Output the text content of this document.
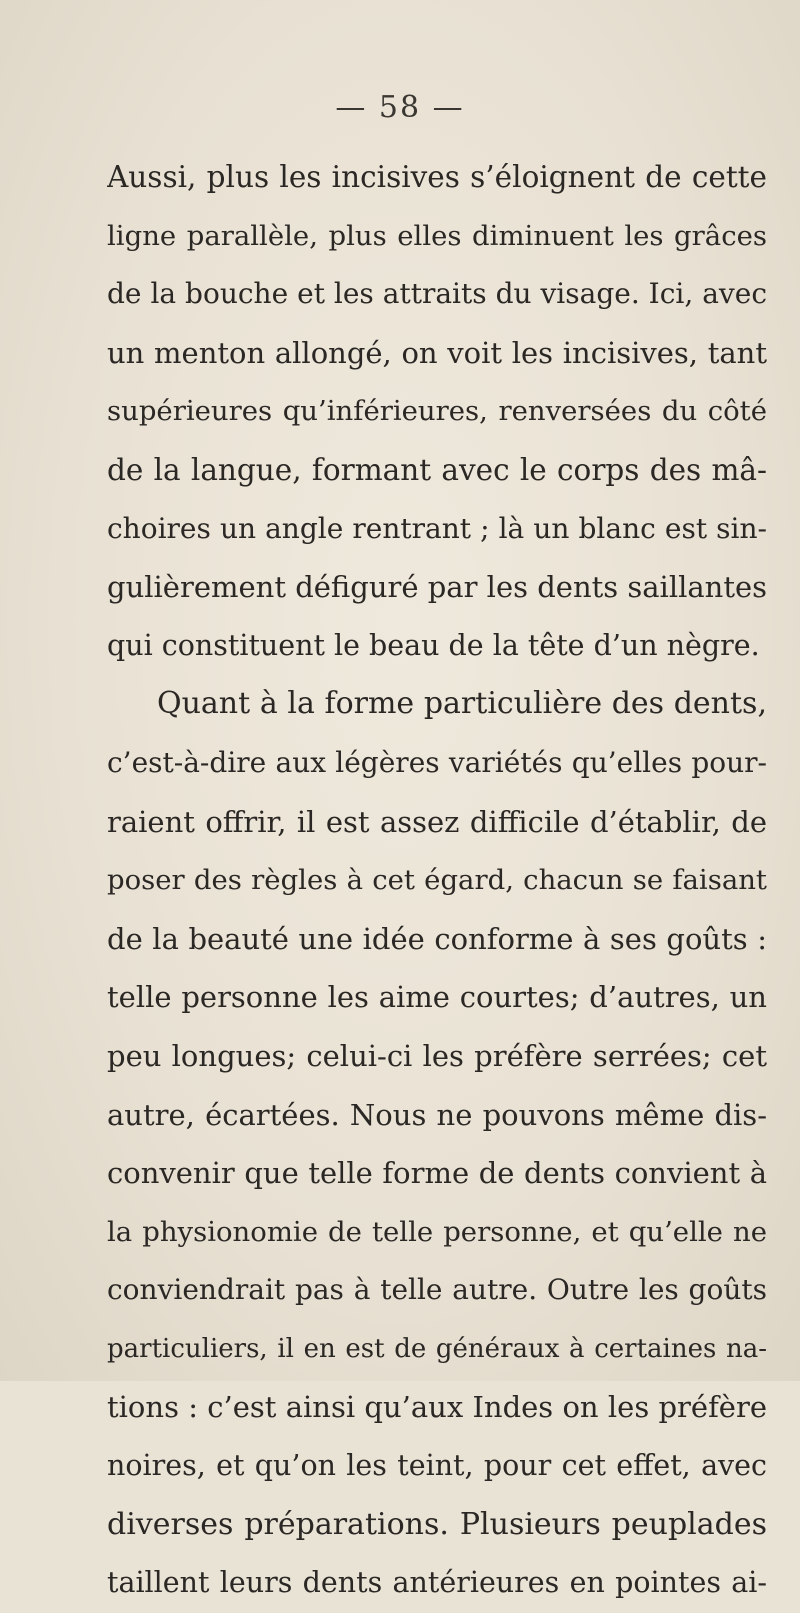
— 58 —
Aussi, plus les incisives s’éloignent de cette
ligne parallèle, plus elles diminuent les grâces
de la bouche et les attraits du visage. Ici, avec
un menton allongé, on voit les incisives, tant
supérieures qu’inférieures, renversées du côté
de la langue, formant avec le corps des mâ-
choires un angle rentrant ; là un blanc est sin-
gulièrement défiguré par les dents saillantes
qui constituent le beau de la tête d’un nègre.
Quant à la forme particulière des dents,
c’est-à-dire aux légères variétés qu’elles pour-
raient offrir, il est assez difficile d’établir, de
poser des règles à cet égard, chacun se faisant
de la beauté une idée conforme à ses goûts :
telle personne les aime courtes; d’autres, un
peu longues; celui-ci les préfère serrées; cet
autre, écartées. Nous ne pouvons même dis-
convenir que telle forme de dents convient à
la physionomie de telle personne, et qu’elle ne
conviendrait pas à telle autre. Outre les goûts
particuliers, il en est de généraux à certaines na-
tions : c’est ainsi qu’aux Indes on les préfère
noires, et qu’on les teint, pour cet effet, avec
diverses préparations. Plusieurs peuplades
taillent leurs dents antérieures en pointes ai-
